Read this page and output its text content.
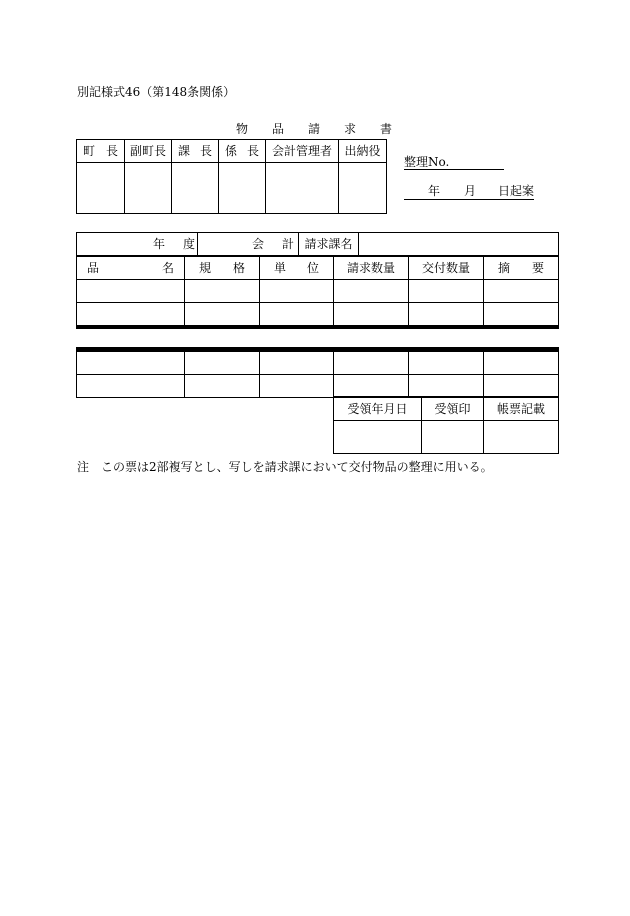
別記様式46（第148条関係）
物 品 請 求 書
町 長	副町長	課 長	係 長	会計管理者	出納役

整理No.
年 月 日起案
年 度	会 計	請求課名	
品 名	規 格	単 位	請求数量	交付数量	摘 要

受領年月日	受領印	帳票記載

注　この票は2部複写とし、写しを請求課において交付物品の整理に用いる。
